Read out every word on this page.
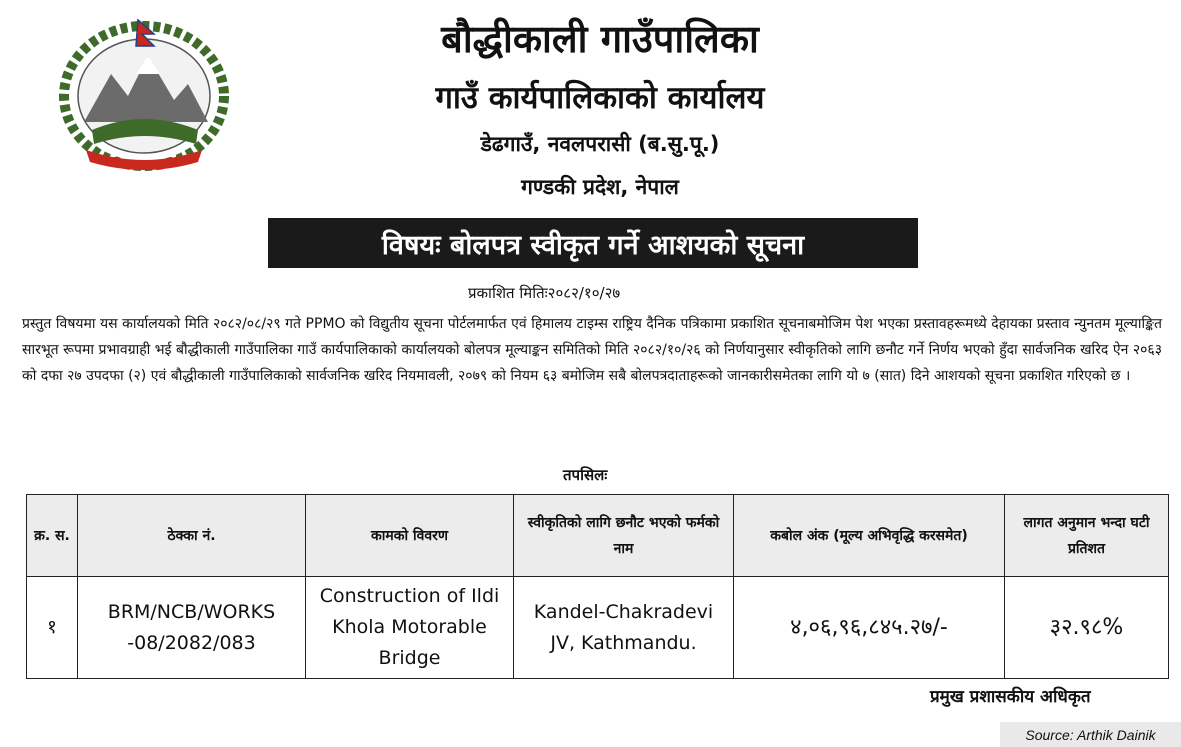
बौद्धीकाली गाउँपालिका
गाउँ कार्यपालिकाको कार्यालय
डेढगाउँ, नवलपरासी (ब.सु.पू.)
गण्डकी प्रदेश, नेपाल
विषयः बोलपत्र स्वीकृत गर्ने आशयको सूचना
प्रकाशित मितिः२०८२/१०/२७

प्रस्तुत विषयमा यस कार्यालयको मिति २०८२/०८/२९ गते PPMO को विद्युतीय सूचना पोर्टलमार्फत एवं हिमालय टाइम्स राष्ट्रिय दैनिक पत्रिकामा प्रकाशित सूचनाबमोजिम पेश भएका प्रस्तावहरूमध्ये देहायका प्रस्ताव न्युनतम मूल्याङ्कित सारभूत रूपमा प्रभावग्राही भई बौद्धीकाली गाउँपालिका गाउँ कार्यपालिकाको कार्यालयको बोलपत्र मूल्याङ्कन समितिको मिति २०८२/१०/२६ को निर्णयानुसार स्वीकृतिको लागि छनौट गर्ने निर्णय भएको हुँदा सार्वजनिक खरिद ऐन २०६३ को दफा २७ उपदफा (२) एवं बौद्धीकाली गाउँपालिकाको सार्वजनिक खरिद नियमावली, २०७९ को नियम ६३ बमोजिम सबै बोलपत्रदाताहरूको जानकारीसमेतका लागि यो ७ (सात) दिने आशयको सूचना प्रकाशित गरिएको छ ।

तपसिलः
क्र. स.	ठेक्का नं.	कामको विवरण	स्वीकृतिको लागि छनौट भएको फर्मको नाम	कबोल अंक (मूल्य अभिवृद्धि करसमेत)	लागत अनुमान भन्दा घटी प्रतिशत
१	BRM/NCB/WORKS -08/2082/083	Construction of Ildi Khola Motorable Bridge	Kandel-Chakradevi JV, Kathmandu.	४,०६,९६,८४५.२७/-	३२.९८%
प्रमुख प्रशासकीय अधिकृत
Source: Arthik Dainik
